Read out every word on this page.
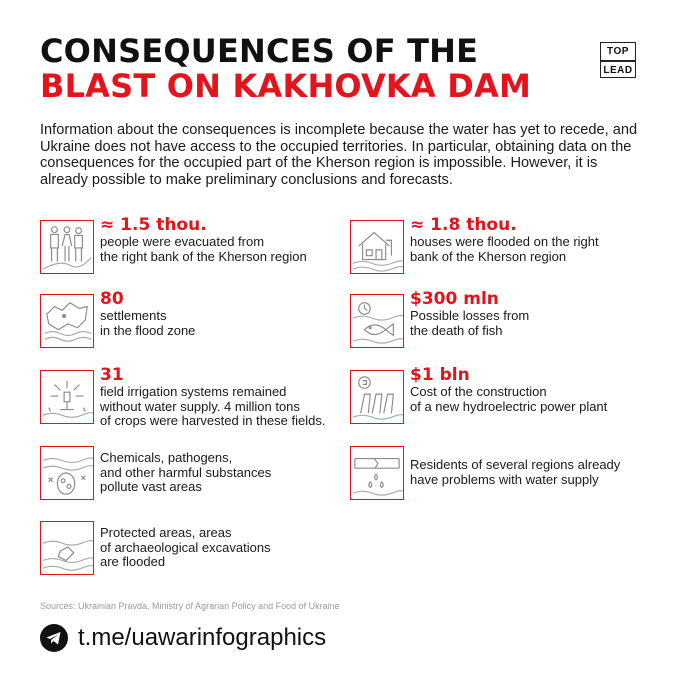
CONSEQUENCES OF THE
BLAST ON KAKHOVKA DAM
TOP
LEAD
Information about the consequences is incomplete because the water has yet to recede, and Ukraine does not have access to the occupied territories. In particular, obtaining data on the consequences for the occupied part of the Kherson region is impossible. However, it is already possible to make preliminary conclusions and forecasts.
≈ 1.5 thou.
people were evacuated from
the right bank of the Kherson region
80
settlements
in the flood zone
31
field irrigation systems remained
without water supply. 4 million tons
of crops were harvested in these fields.
Chemicals, pathogens,
and other harmful substances
pollute vast areas
Protected areas, areas
of archaeological excavations
are flooded
≈ 1.8 thou.
houses were flooded on the right
bank of the Kherson region
$300 mln
Possible losses from
the death of fish
$1 bln
Cost of the construction
of a new hydroelectric power plant
Residents of several regions already
have problems with water supply
Sources: Ukrainian Pravda, Ministry of Agrarian Policy and Food of Ukraine
t.me/uawarinfographics
